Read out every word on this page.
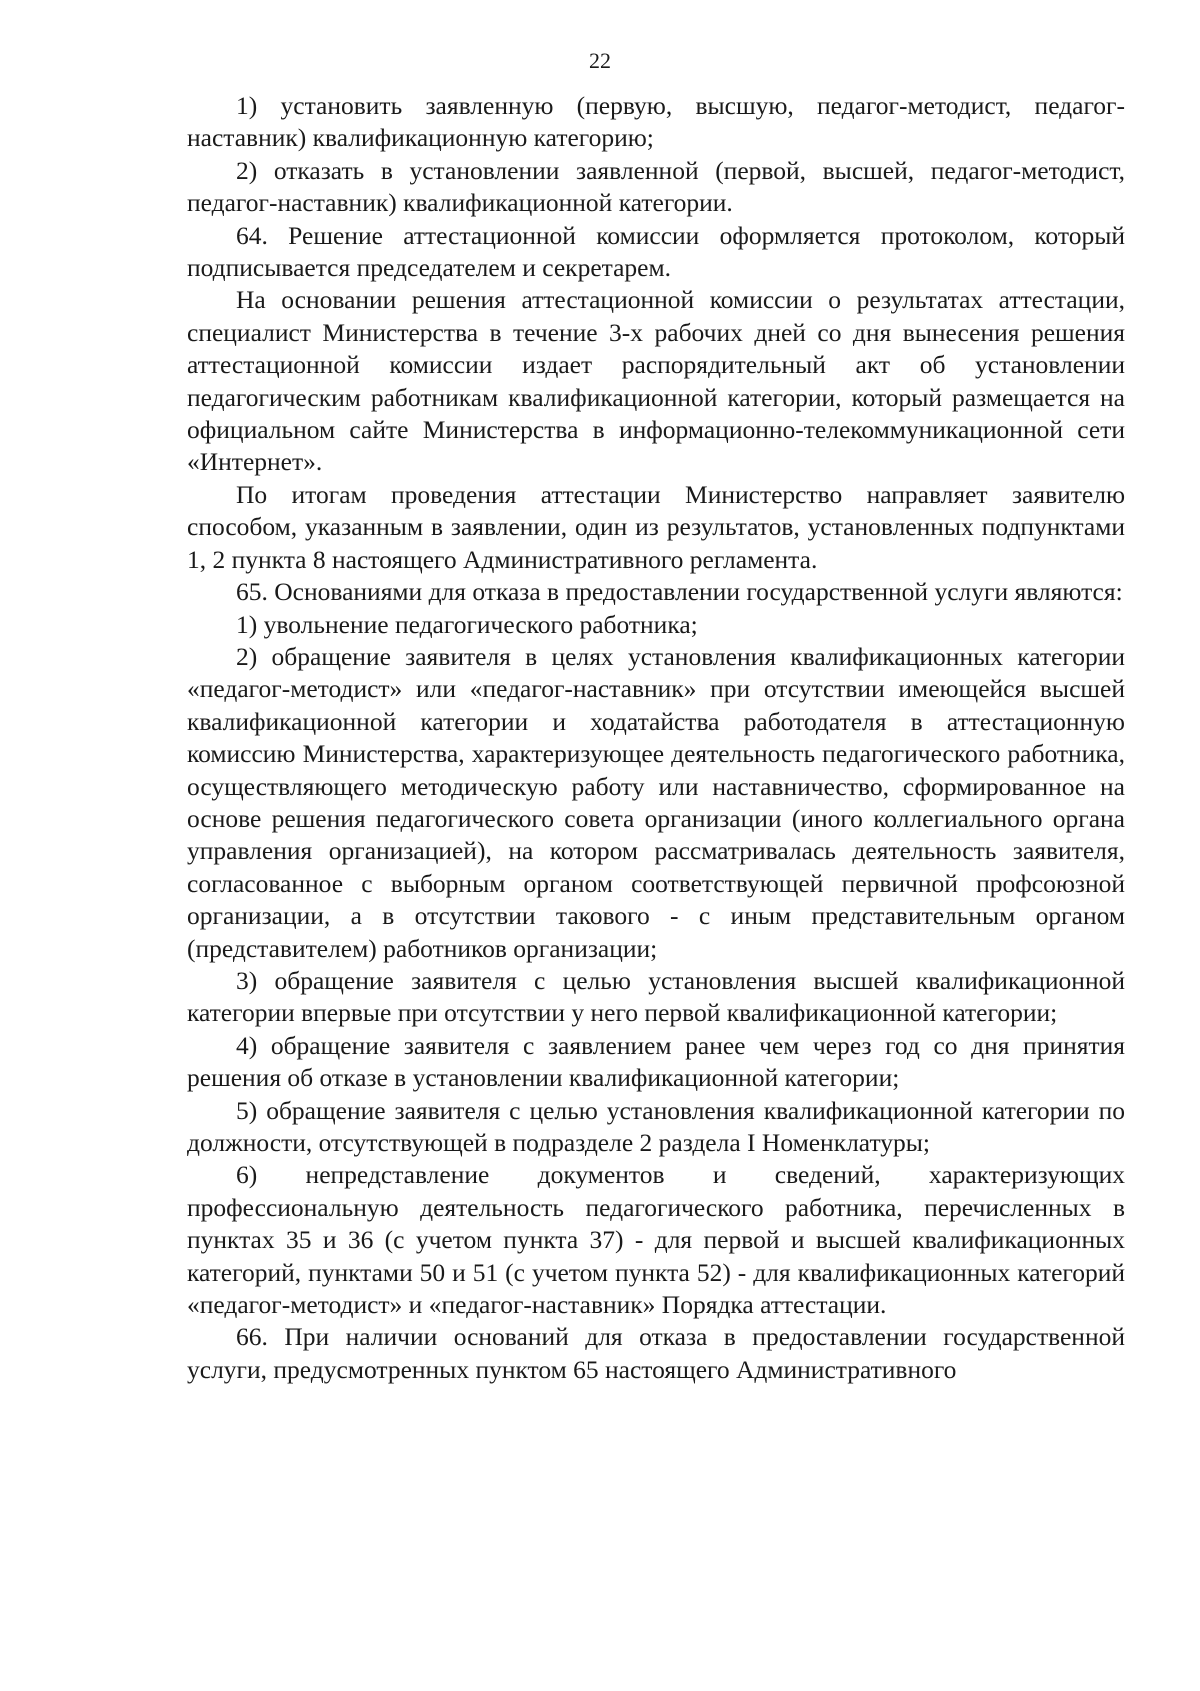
22

1) установить заявленную (первую, высшую, педагог-методист, педагог-наставник) квалификационную категорию;

2) отказать в установлении заявленной (первой, высшей, педагог-методист, педагог-наставник) квалификационной категории.

64. Решение аттестационной комиссии оформляется протоколом, который подписывается председателем и секретарем.

На основании решения аттестационной комиссии о результатах аттестации, специалист Министерства в течение 3-х рабочих дней со дня вынесения решения аттестационной комиссии издает распорядительный акт об установлении педагогическим работникам квалификационной категории, который размещается на официальном сайте Министерства в информационно-телекоммуникационной сети «Интернет».

По итогам проведения аттестации Министерство направляет заявителю способом, указанным в заявлении, один из результатов, установленных подпунктами 1, 2 пункта 8 настоящего Административного регламента.

65. Основаниями для отказа в предоставлении государственной услуги являются:

1) увольнение педагогического работника;

2) обращение заявителя в целях установления квалификационных категории «педагог-методист» или «педагог-наставник» при отсутствии имеющейся высшей квалификационной категории и ходатайства работодателя в аттестационную комиссию Министерства, характеризующее деятельность педагогического работника, осуществляющего методическую работу или наставничество, сформированное на основе решения педагогического совета организации (иного коллегиального органа управления организацией), на котором рассматривалась деятельность заявителя, согласованное с выборным органом соответствующей первичной профсоюзной организации, а в отсутствии такового - с иным представительным органом (представителем) работников организации;

3) обращение заявителя с целью установления высшей квалификационной категории впервые при отсутствии у него первой квалификационной категории;

4) обращение заявителя с заявлением ранее чем через год со дня принятия решения об отказе в установлении квалификационной категории;

5) обращение заявителя с целью установления квалификационной категории по должности, отсутствующей в подразделе 2 раздела I Номенклатуры;

6) непредставление документов и сведений, характеризующих профессиональную деятельность педагогического работника, перечисленных в пунктах 35 и 36 (с учетом пункта 37) - для первой и высшей квалификационных категорий, пунктами 50 и 51 (с учетом пункта 52) - для квалификационных категорий «педагог-методист» и «педагог-наставник» Порядка аттестации.

66. При наличии оснований для отказа в предоставлении государственной услуги, предусмотренных пунктом 65 настоящего Административного
